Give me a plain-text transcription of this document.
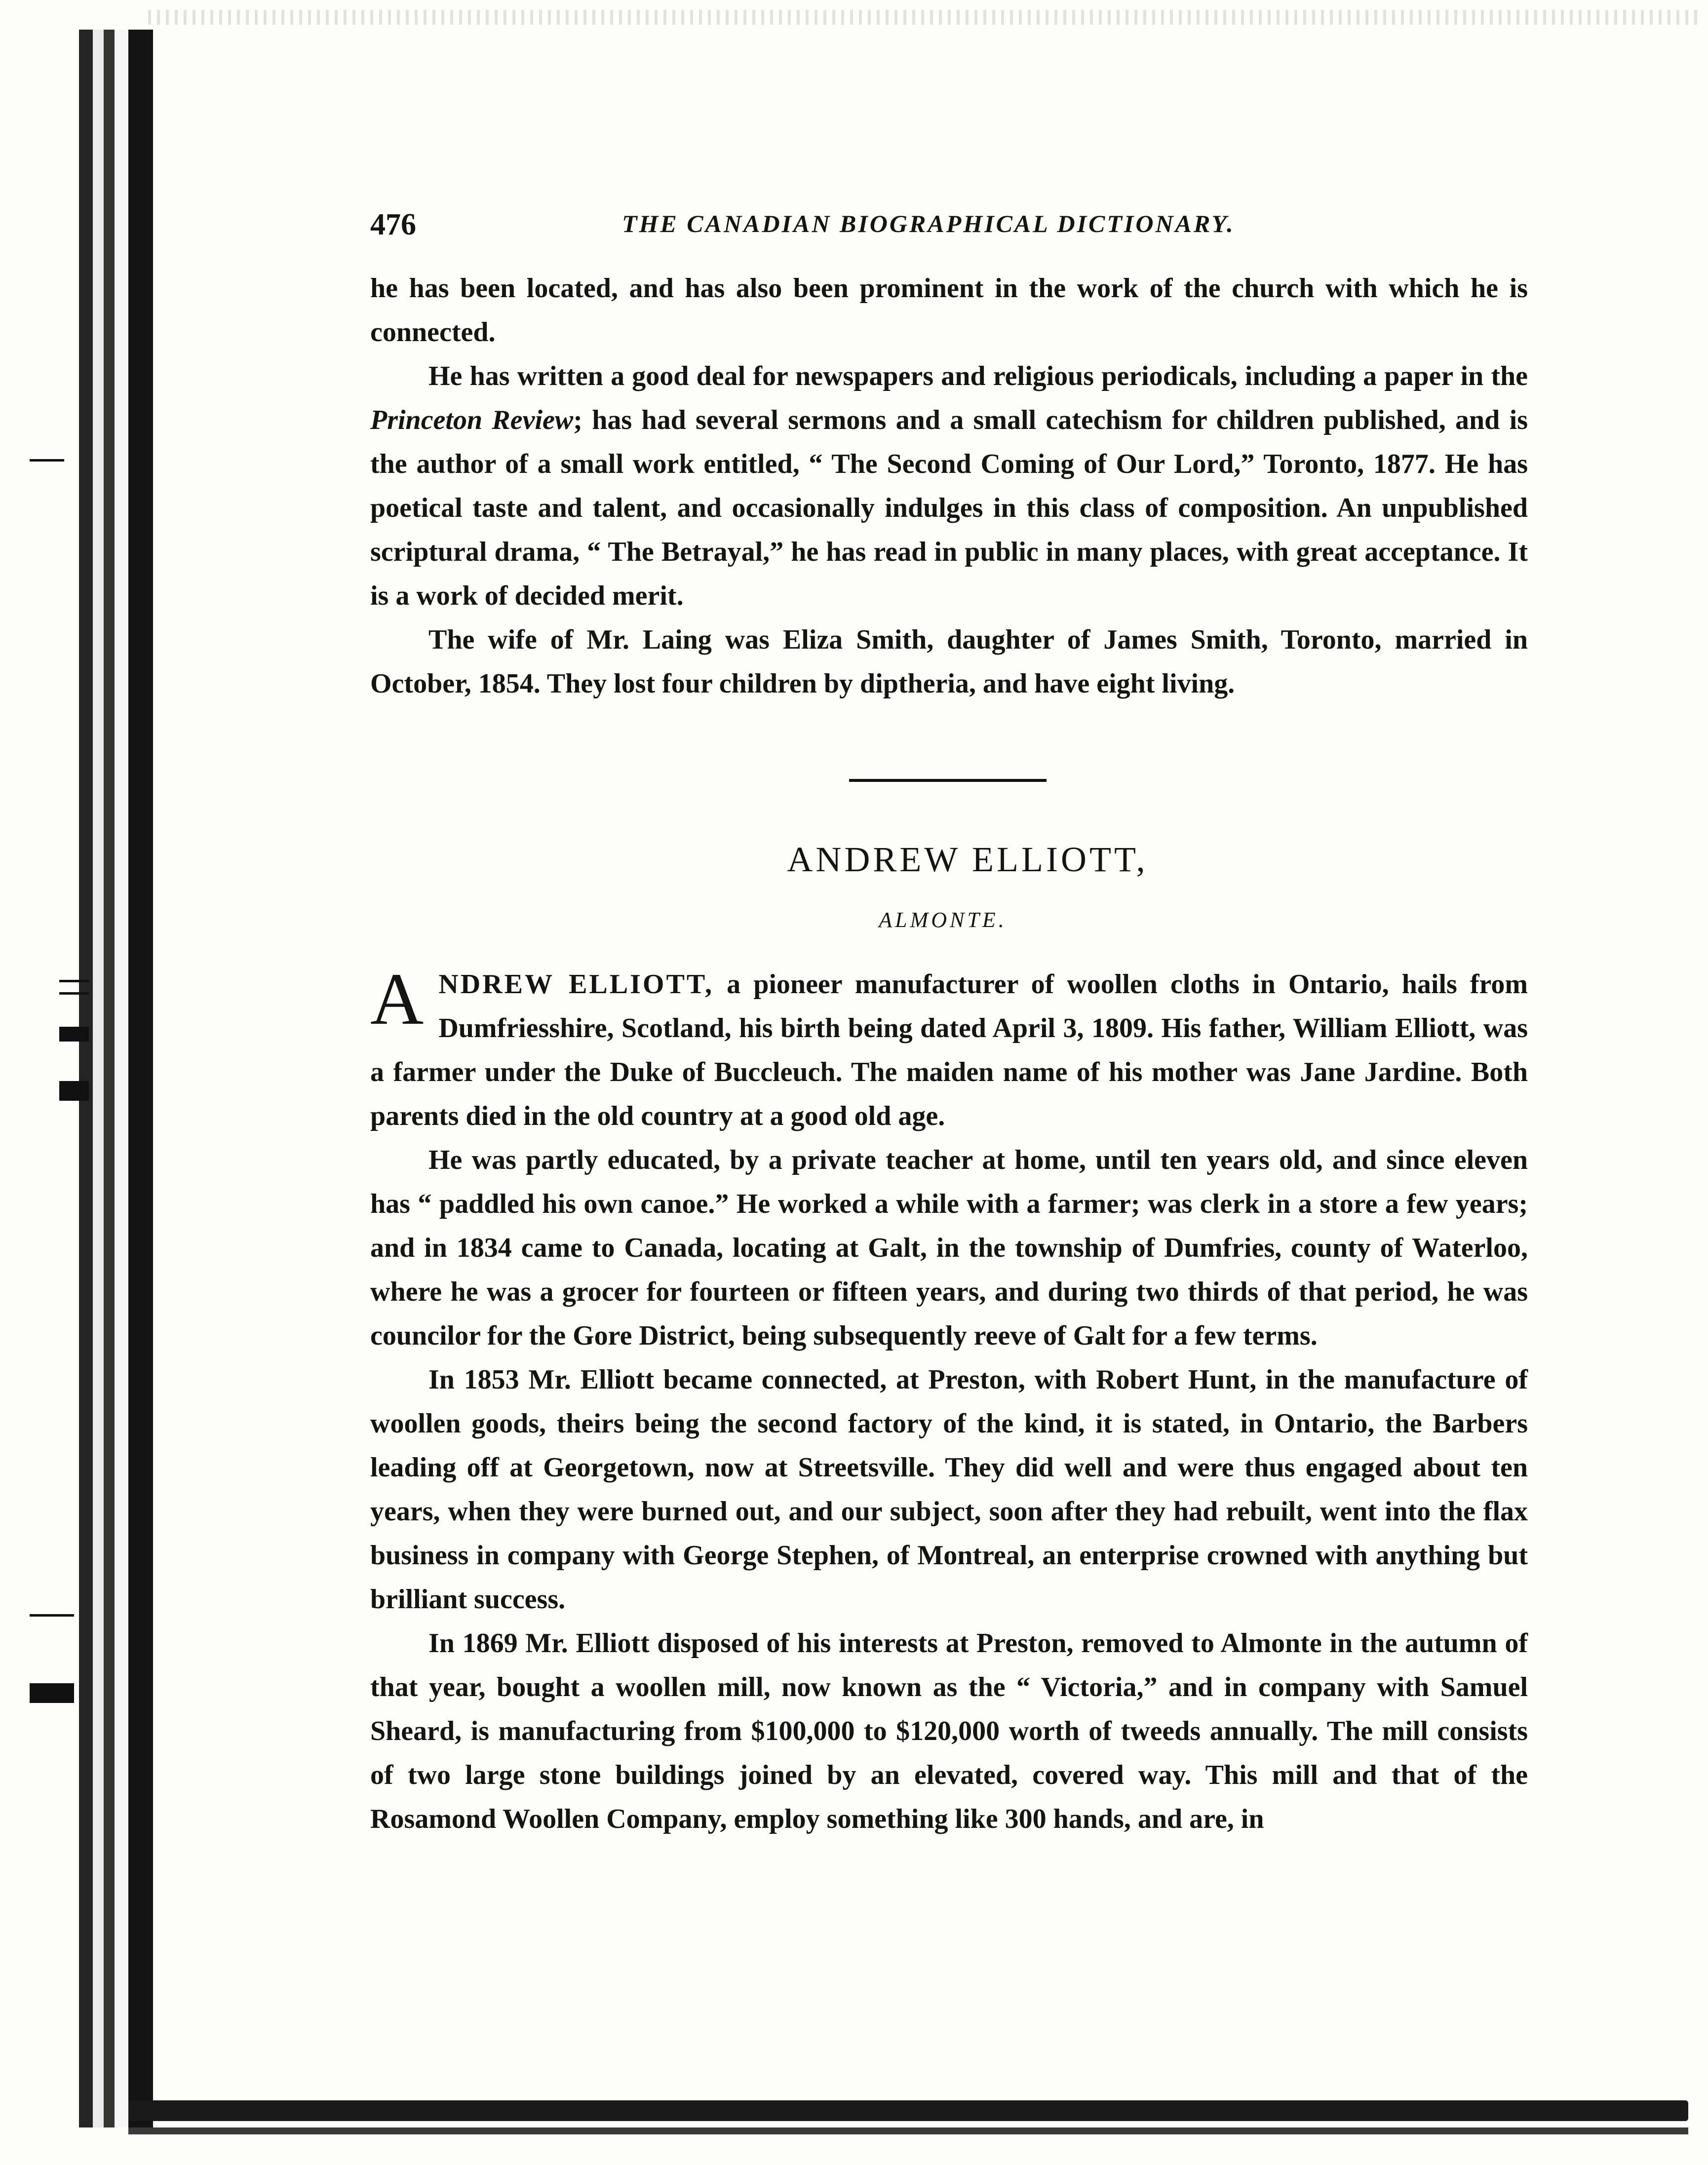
476	THE CANADIAN BIOGRAPHICAL DICTIONARY.

he has been located, and has also been prominent in the work of the church with which he is connected.

He has written a good deal for newspapers and religious periodicals, including a paper in the Princeton Review; has had several sermons and a small catechism for children published, and is the author of a small work entitled, “ The Second Coming of Our Lord,” Toronto, 1877. He has poetical taste and talent, and occasionally indulges in this class of composition. An unpublished scriptural drama, “ The Betrayal,” he has read in public in many places, with great acceptance. It is a work of decided merit.

The wife of Mr. Laing was Eliza Smith, daughter of James Smith, Toronto, married in October, 1854. They lost four children by diptheria, and have eight living.

ANDREW ELLIOTT,
ALMONTE.

ANDREW ELLIOTT, a pioneer manufacturer of woollen cloths in Ontario, hails from Dumfriesshire, Scotland, his birth being dated April 3, 1809. His father, William Elliott, was a farmer under the Duke of Buccleuch. The maiden name of his mother was Jane Jardine. Both parents died in the old country at a good old age.

He was partly educated, by a private teacher at home, until ten years old, and since eleven has “ paddled his own canoe.” He worked a while with a farmer; was clerk in a store a few years; and in 1834 came to Canada, locating at Galt, in the township of Dumfries, county of Waterloo, where he was a grocer for fourteen or fifteen years, and during two thirds of that period, he was councilor for the Gore District, being subsequently reeve of Galt for a few terms.

In 1853 Mr. Elliott became connected, at Preston, with Robert Hunt, in the manufacture of woollen goods, theirs being the second factory of the kind, it is stated, in Ontario, the Barbers leading off at Georgetown, now at Streetsville. They did well and were thus engaged about ten years, when they were burned out, and our subject, soon after they had rebuilt, went into the flax business in company with George Stephen, of Montreal, an enterprise crowned with anything but brilliant success.

In 1869 Mr. Elliott disposed of his interests at Preston, removed to Almonte in the autumn of that year, bought a woollen mill, now known as the “ Victoria,” and in company with Samuel Sheard, is manufacturing from $100,000 to $120,000 worth of tweeds annually. The mill consists of two large stone buildings joined by an elevated, covered way. This mill and that of the Rosamond Woollen Company, employ something like 300 hands, and are, in
